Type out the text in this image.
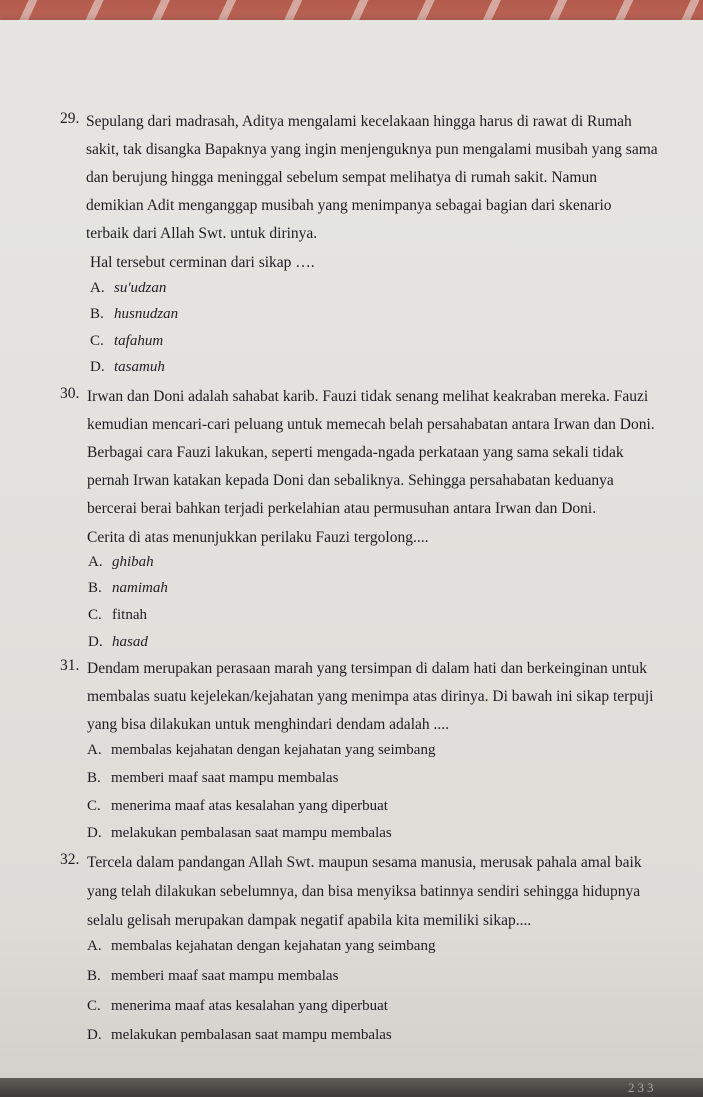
233
29. Sepulang dari madrasah, Aditya mengalami kecelakaan hingga harus di rawat di Rumah
sakit, tak disangka Bapaknya yang ingin menjenguknya pun mengalami musibah yang sama
dan berujung hingga meninggal sebelum sempat melihatya di rumah sakit. Namun
demikian Adit menganggap musibah yang menimpanya sebagai bagian dari skenario
terbaik dari Allah Swt. untuk dirinya.
Hal tersebut cerminan dari sikap ….
A. su'udzan
B. husnudzan
C. tafahum
D. tasamuh
30. Irwan dan Doni adalah sahabat karib. Fauzi tidak senang melihat keakraban mereka. Fauzi
kemudian mencari-cari peluang untuk memecah belah persahabatan antara Irwan dan Doni.
Berbagai cara Fauzi lakukan, seperti mengada-ngada perkataan yang sama sekali tidak
pernah Irwan katakan kepada Doni dan sebaliknya. Sehingga persahabatan keduanya
bercerai berai bahkan terjadi perkelahian atau permusuhan antara Irwan dan Doni.
Cerita di atas menunjukkan perilaku Fauzi tergolong....
A. ghibah
B. namimah
C. fitnah
D. hasad
31. Dendam merupakan perasaan marah yang tersimpan di dalam hati dan berkeinginan untuk
membalas suatu kejelekan/kejahatan yang menimpa atas dirinya. Di bawah ini sikap terpuji
yang bisa dilakukan untuk menghindari dendam adalah ....
A. membalas kejahatan dengan kejahatan yang seimbang
B. memberi maaf saat mampu membalas
C. menerima maaf atas kesalahan yang diperbuat
D. melakukan pembalasan saat mampu membalas
32. Tercela dalam pandangan Allah Swt. maupun sesama manusia, merusak pahala amal baik
yang telah dilakukan sebelumnya, dan bisa menyiksa batinnya sendiri sehingga hidupnya
selalu gelisah merupakan dampak negatif apabila kita memiliki sikap....
A. membalas kejahatan dengan kejahatan yang seimbang
B. memberi maaf saat mampu membalas
C. menerima maaf atas kesalahan yang diperbuat
D. melakukan pembalasan saat mampu membalas
